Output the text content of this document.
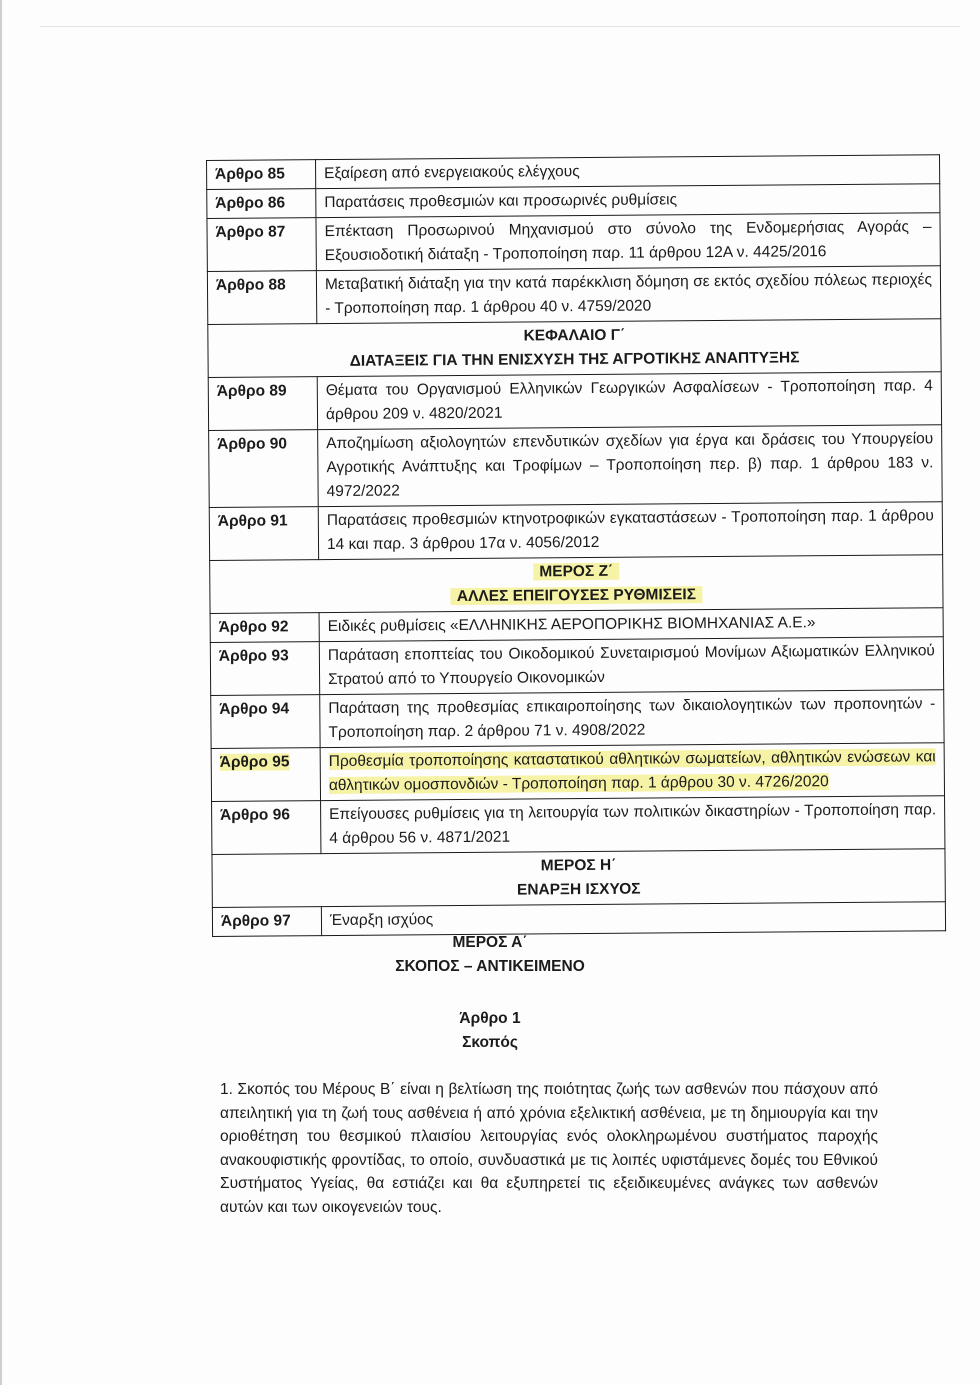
Άρθρο 85	Εξαίρεση από ενεργειακούς ελέγχους
Άρθρο 86	Παρατάσεις προθεσμιών και προσωρινές ρυθμίσεις
Άρθρο 87	Επέκταση Προσωρινού Μηχανισμού στο σύνολο της Ενδομερήσιας Αγοράς – Εξουσιοδοτική διάταξη - Τροποποίηση παρ. 11 άρθρου 12Α ν. 4425/2016
Άρθρο 88	Μεταβατική διάταξη για την κατά παρέκκλιση δόμηση σε εκτός σχεδίου πόλεως περιοχές - Τροποποίηση παρ. 1 άρθρου 40 ν. 4759/2020

ΚΕΦΑΛΑΙΟ Γ΄
ΔΙΑΤΑΞΕΙΣ ΓΙΑ ΤΗΝ ΕΝΙΣΧΥΣΗ ΤΗΣ ΑΓΡΟΤΙΚΗΣ ΑΝΑΠΤΥΞΗΣ	

Άρθρο 89	Θέματα του Οργανισμού Ελληνικών Γεωργικών Ασφαλίσεων - Τροποποίηση παρ. 4 άρθρου 209 ν. 4820/2021
Άρθρο 90	Αποζημίωση αξιολογητών επενδυτικών σχεδίων για έργα και δράσεις του Υπουργείου Αγροτικής Ανάπτυξης και Τροφίμων – Τροποποίηση περ. β) παρ. 1 άρθρου 183 ν. 4972/2022
Άρθρο 91	Παρατάσεις προθεσμιών κτηνοτροφικών εγκαταστάσεων - Τροποποίηση παρ. 1 άρθρου 14 και παρ. 3 άρθρου 17α ν. 4056/2012

ΜΕΡΟΣ Ζ΄
ΑΛΛΕΣ ΕΠΕΙΓΟΥΣΕΣ ΡΥΘΜΙΣΕΙΣ	

Άρθρο 92	Ειδικές ρυθμίσεις «ΕΛΛΗΝΙΚΗΣ ΑΕΡΟΠΟΡΙΚΗΣ ΒΙΟΜΗΧΑΝΙΑΣ Α.Ε.»
Άρθρο 93	Παράταση εποπτείας του Οικοδομικού Συνεταιρισμού Μονίμων Αξιωματικών Ελληνικού Στρατού από το Υπουργείο Οικονομικών
Άρθρο 94	Παράταση της προθεσμίας επικαιροποίησης των δικαιολογητικών των προπονητών - Τροποποίηση παρ. 2 άρθρου 71 ν. 4908/2022
Άρθρο 95	Προθεσμία τροποποίησης καταστατικού αθλητικών σωματείων, αθλητικών ενώσεων και αθλητικών ομοσπονδιών - Τροποποίηση παρ. 1 άρθρου 30 ν. 4726/2020
Άρθρο 96	Επείγουσες ρυθμίσεις για τη λειτουργία των πολιτικών δικαστηρίων - Τροποποίηση παρ. 4 άρθρου 56 ν. 4871/2021

ΜΕΡΟΣ Η΄
ΕΝΑΡΞΗ ΙΣΧΥΟΣ	

Άρθρο 97	Έναρξη ισχύος
ΜΕΡΟΣ Α΄
ΣΚΟΠΟΣ – ΑΝΤΙΚΕΙΜΕΝΟ
Άρθρο 1
Σκοπός
1. Σκοπός του Μέρους Β΄ είναι η βελτίωση της ποιότητας ζωής των ασθενών που πάσχουν από απειλητική για τη ζωή τους ασθένεια ή από χρόνια εξελικτική ασθένεια, με τη δημιουργία και την οριοθέτηση του θεσμικού πλαισίου λειτουργίας ενός ολοκληρωμένου συστήματος παροχής ανακουφιστικής φροντίδας, το οποίο, συνδυαστικά με τις λοιπές υφιστάμενες δομές του Εθνικού Συστήματος Υγείας, θα εστιάζει και θα εξυπηρετεί τις εξειδικευμένες ανάγκες των ασθενών αυτών και των οικογενειών τους.
